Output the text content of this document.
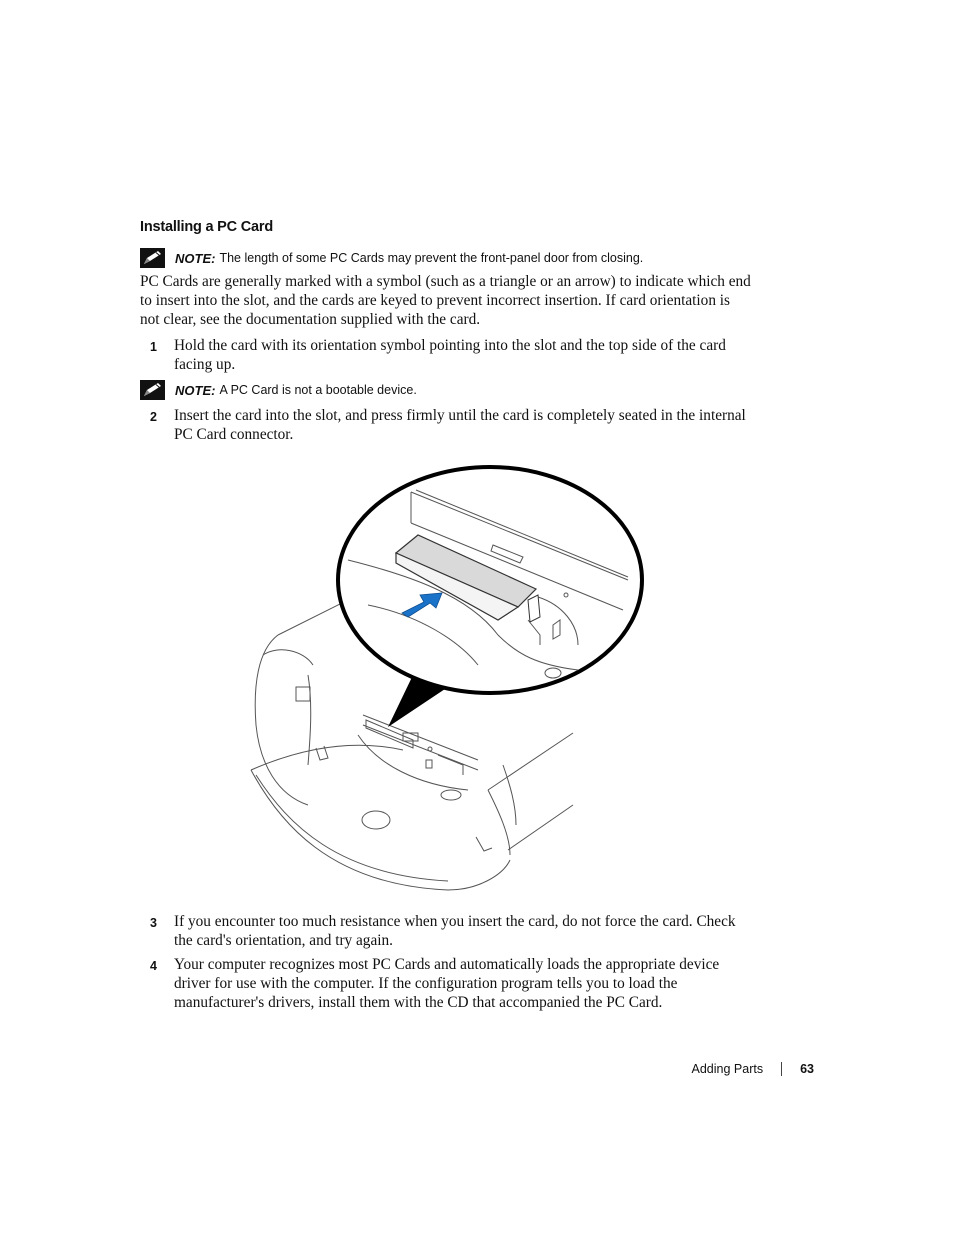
Installing a PC Card
NOTE: The length of some PC Cards may prevent the front-panel door from closing.
PC Cards are generally marked with a symbol (such as a triangle or an arrow) to indicate which end
to insert into the slot, and the cards are keyed to prevent incorrect insertion. If card orientation is
not clear, see the documentation supplied with the card.
1 Hold the card with its orientation symbol pointing into the slot and the top side of the card
facing up.
NOTE: A PC Card is not a bootable device.
2 Insert the card into the slot, and press firmly until the card is completely seated in the internal
PC Card connector.
3 If you encounter too much resistance when you insert the card, do not force the card. Check
the card's orientation, and try again.
4 Your computer recognizes most PC Cards and automatically loads the appropriate device
driver for use with the computer. If the configuration program tells you to load the
manufacturer's drivers, install them with the CD that accompanied the PC Card.
Adding Parts	63
